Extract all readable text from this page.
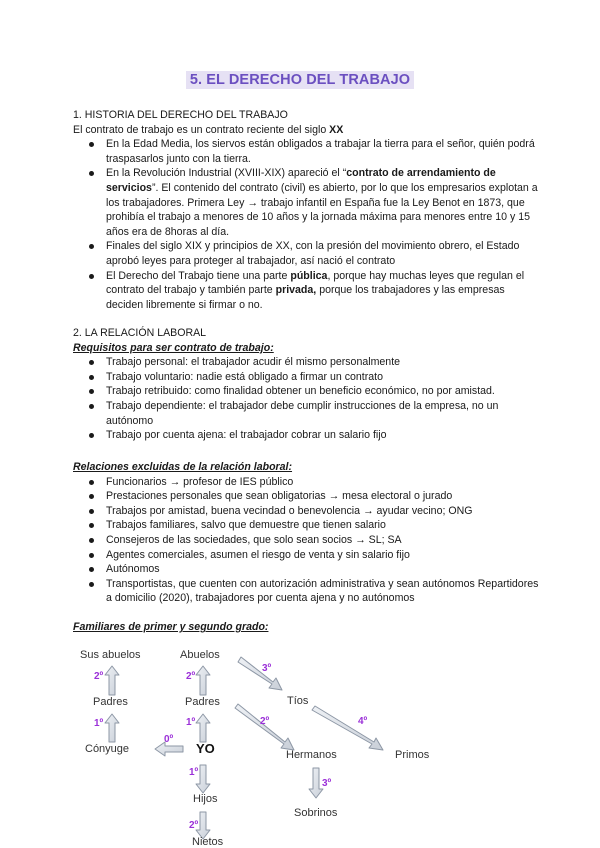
5. EL DERECHO DEL TRABAJO

1. HISTORIA DEL DERECHO DEL TRABAJO

El contrato de trabajo es un contrato reciente del siglo XX

En la Edad Media, los siervos están obligados a trabajar la tierra para el señor, quién podrá traspasarlos junto con la tierra.
En la Revolución Industrial (XVIII-XIX) apareció el “contrato de arrendamiento de servicios”. El contenido del contrato (civil) es abierto, por lo que los empresarios explotan a los trabajadores. Primera Ley → trabajo infantil en España fue la Ley Benot en 1873, que prohibía el trabajo a menores de 10 años y la jornada máxima para menores entre 10 y 15 años era de 8horas al día.
Finales del siglo XIX y principios de XX, con la presión del movimiento obrero, el Estado aprobó leyes para proteger al trabajador, así nació el contrato
El Derecho del Trabajo tiene una parte pública, porque hay muchas leyes que regulan el contrato del trabajo y también parte privada, porque los trabajadores y las empresas deciden libremente si firmar o no.

2. LA RELACIÓN LABORAL

Requisitos para ser contrato de trabajo:

Trabajo personal: el trabajador acudir él mismo personalmente
Trabajo voluntario: nadie está obligado a firmar un contrato
Trabajo retribuido: como finalidad obtener un beneficio económico, no por amistad.
Trabajo dependiente: el trabajador debe cumplir instrucciones de la empresa, no un autónomo
Trabajo por cuenta ajena: el trabajador cobrar un salario fijo

Relaciones excluidas de la relación laboral:

Funcionarios → profesor de IES público
Prestaciones personales que sean obligatorias → mesa electoral o jurado
Trabajos por amistad, buena vecindad o benevolencia → ayudar vecino; ONG
Trabajos familiares, salvo que demuestre que tienen salario
Consejeros de las sociedades, que solo sean socios → SL; SA
Agentes comerciales, asumen el riesgo de venta y sin salario fijo
Autónomos
Transportistas, que cuenten con autorización administrativa y sean autónomos Repartidores a domicilio (2020), trabajadores por cuenta ajena y no autónomos

Familiares de primer y segundo grado:

Sus abuelos	Abuelos
Tíos
Padres	Padres
Cónyuge	YO	Hermanos	Primos
Hijos
Sobrinos
Nietos
2º
1º
2º
3º
1º	2º	4º
0º
1º
3º
2º
